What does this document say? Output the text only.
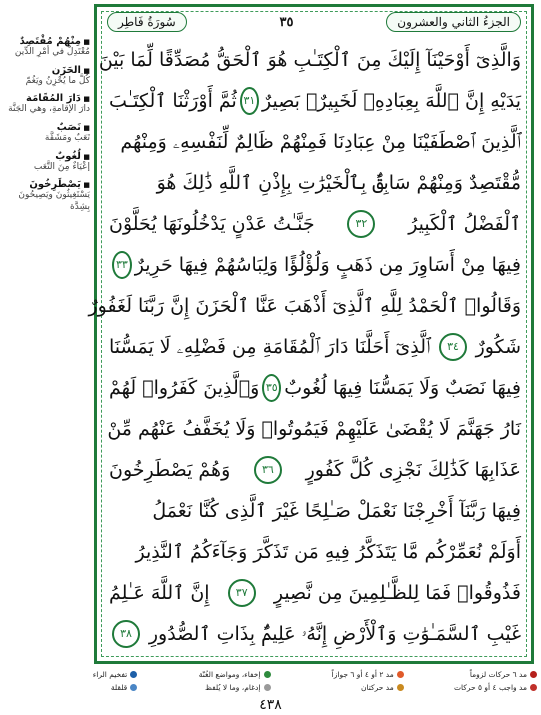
سُورَةُ فَاطِر	٣٥	الجزءُ الثاني والعشرون
وَالَّذِىٓ أَوْحَيْنَآ إِلَيْكَ مِنَ ٱلْكِتَـٰبِ هُوَ ٱلْحَقُّ مُصَدِّقًا لِّمَا بَيْنَ
يَدَيْهِ إِنَّ ٱللَّهَ بِعِبَادِهِۦ لَخَبِيرٌۢ بَصِيرٌ
٣١
ثُمَّ أَوْرَثْنَا ٱلْكِتَـٰبَ
ٱلَّذِينَ ٱصْطَفَيْنَا مِنْ عِبَادِنَا فَمِنْهُمْ ظَالِمٌ لِّنَفْسِهِۦ وَمِنْهُم
مُّقْتَصِدٌ وَمِنْهُمْ سَابِقٌۢ بِٱلْخَيْرَٰتِ بِإِذْنِ ٱللَّهِ ذَٰلِكَ هُوَ
ٱلْفَضْلُ ٱلْكَبِيرُ
٣٢
جَنَّـٰتُ عَدْنٍ يَدْخُلُونَهَا يُحَلَّوْنَ
فِيهَا مِنْ أَسَاوِرَ مِن ذَهَبٍ وَلُؤْلُؤًا وَلِبَاسُهُمْ فِيهَا حَرِيرٌ
٣٣
وَقَالُوا۟ ٱلْحَمْدُ لِلَّهِ ٱلَّذِىٓ أَذْهَبَ عَنَّا ٱلْحَزَنَ إِنَّ رَبَّنَا لَغَفُورٌ
شَكُورٌ
٣٤
ٱلَّذِىٓ أَحَلَّنَا دَارَ ٱلْمُقَامَةِ مِن فَضْلِهِۦ لَا يَمَسُّنَا
فِيهَا نَصَبٌ وَلَا يَمَسُّنَا فِيهَا لُغُوبٌ
٣٥
وَٱلَّذِينَ كَفَرُوا۟ لَهُمْ
نَارُ جَهَنَّمَ لَا يُقْضَىٰ عَلَيْهِمْ فَيَمُوتُوا۟ وَلَا يُخَفَّفُ عَنْهُم مِّنْ
عَذَابِهَا كَذَٰلِكَ نَجْزِى كُلَّ كَفُورٍ
٣٦
وَهُمْ يَصْطَرِخُونَ
فِيهَا رَبَّنَآ أَخْرِجْنَا نَعْمَلْ صَـٰلِحًا غَيْرَ ٱلَّذِى كُنَّا نَعْمَلُ
أَوَلَمْ نُعَمِّرْكُم مَّا يَتَذَكَّرُ فِيهِ مَن تَذَكَّرَ وَجَآءَكُمُ ٱلنَّذِيرُ
فَذُوقُوا۟ فَمَا لِلظَّـٰلِمِينَ مِن نَّصِيرٍ
٣٧
إِنَّ ٱللَّهَ عَـٰلِمُ
غَيْبِ ٱلسَّمَـٰوَٰتِ وَٱلْأَرْضِ إِنَّهُۥ عَلِيمٌۢ بِذَاتِ ٱلصُّدُورِ
٣٨
■ مِنْهُمْ مُقْتَصِدٌ
مُعْتَدِلٌ في أمْرِ الدِّين
■ الحَزَن
كُلَّ ما يُحْزِنُ ويَغُمّ
■ دَارَ المُقَامَة
دارَ الإقامةِ، وهي الجَنَّة
■ نَصَبٌ
تَعَبٌ ومَشَقَّة
■ لُغُوبٌ
إعْيَاءٌ مِنَ التَّعَب
■ يَصْطَرِخُونَ
يَسْتَغِيثُونَ ويَصِيحُونَ بِشِدَّة
مد ٦ حركات لزوماً
مد ٢ أو ٤ أو ٦ جوازاً
إخفاء، ومواضع الغُنّة
تفخيم الراء
مد واجب ٤ أو ٥ حركات
مد حركتان
إدغام، وما لا يُلفظ
قلقلة
٤٣٨
